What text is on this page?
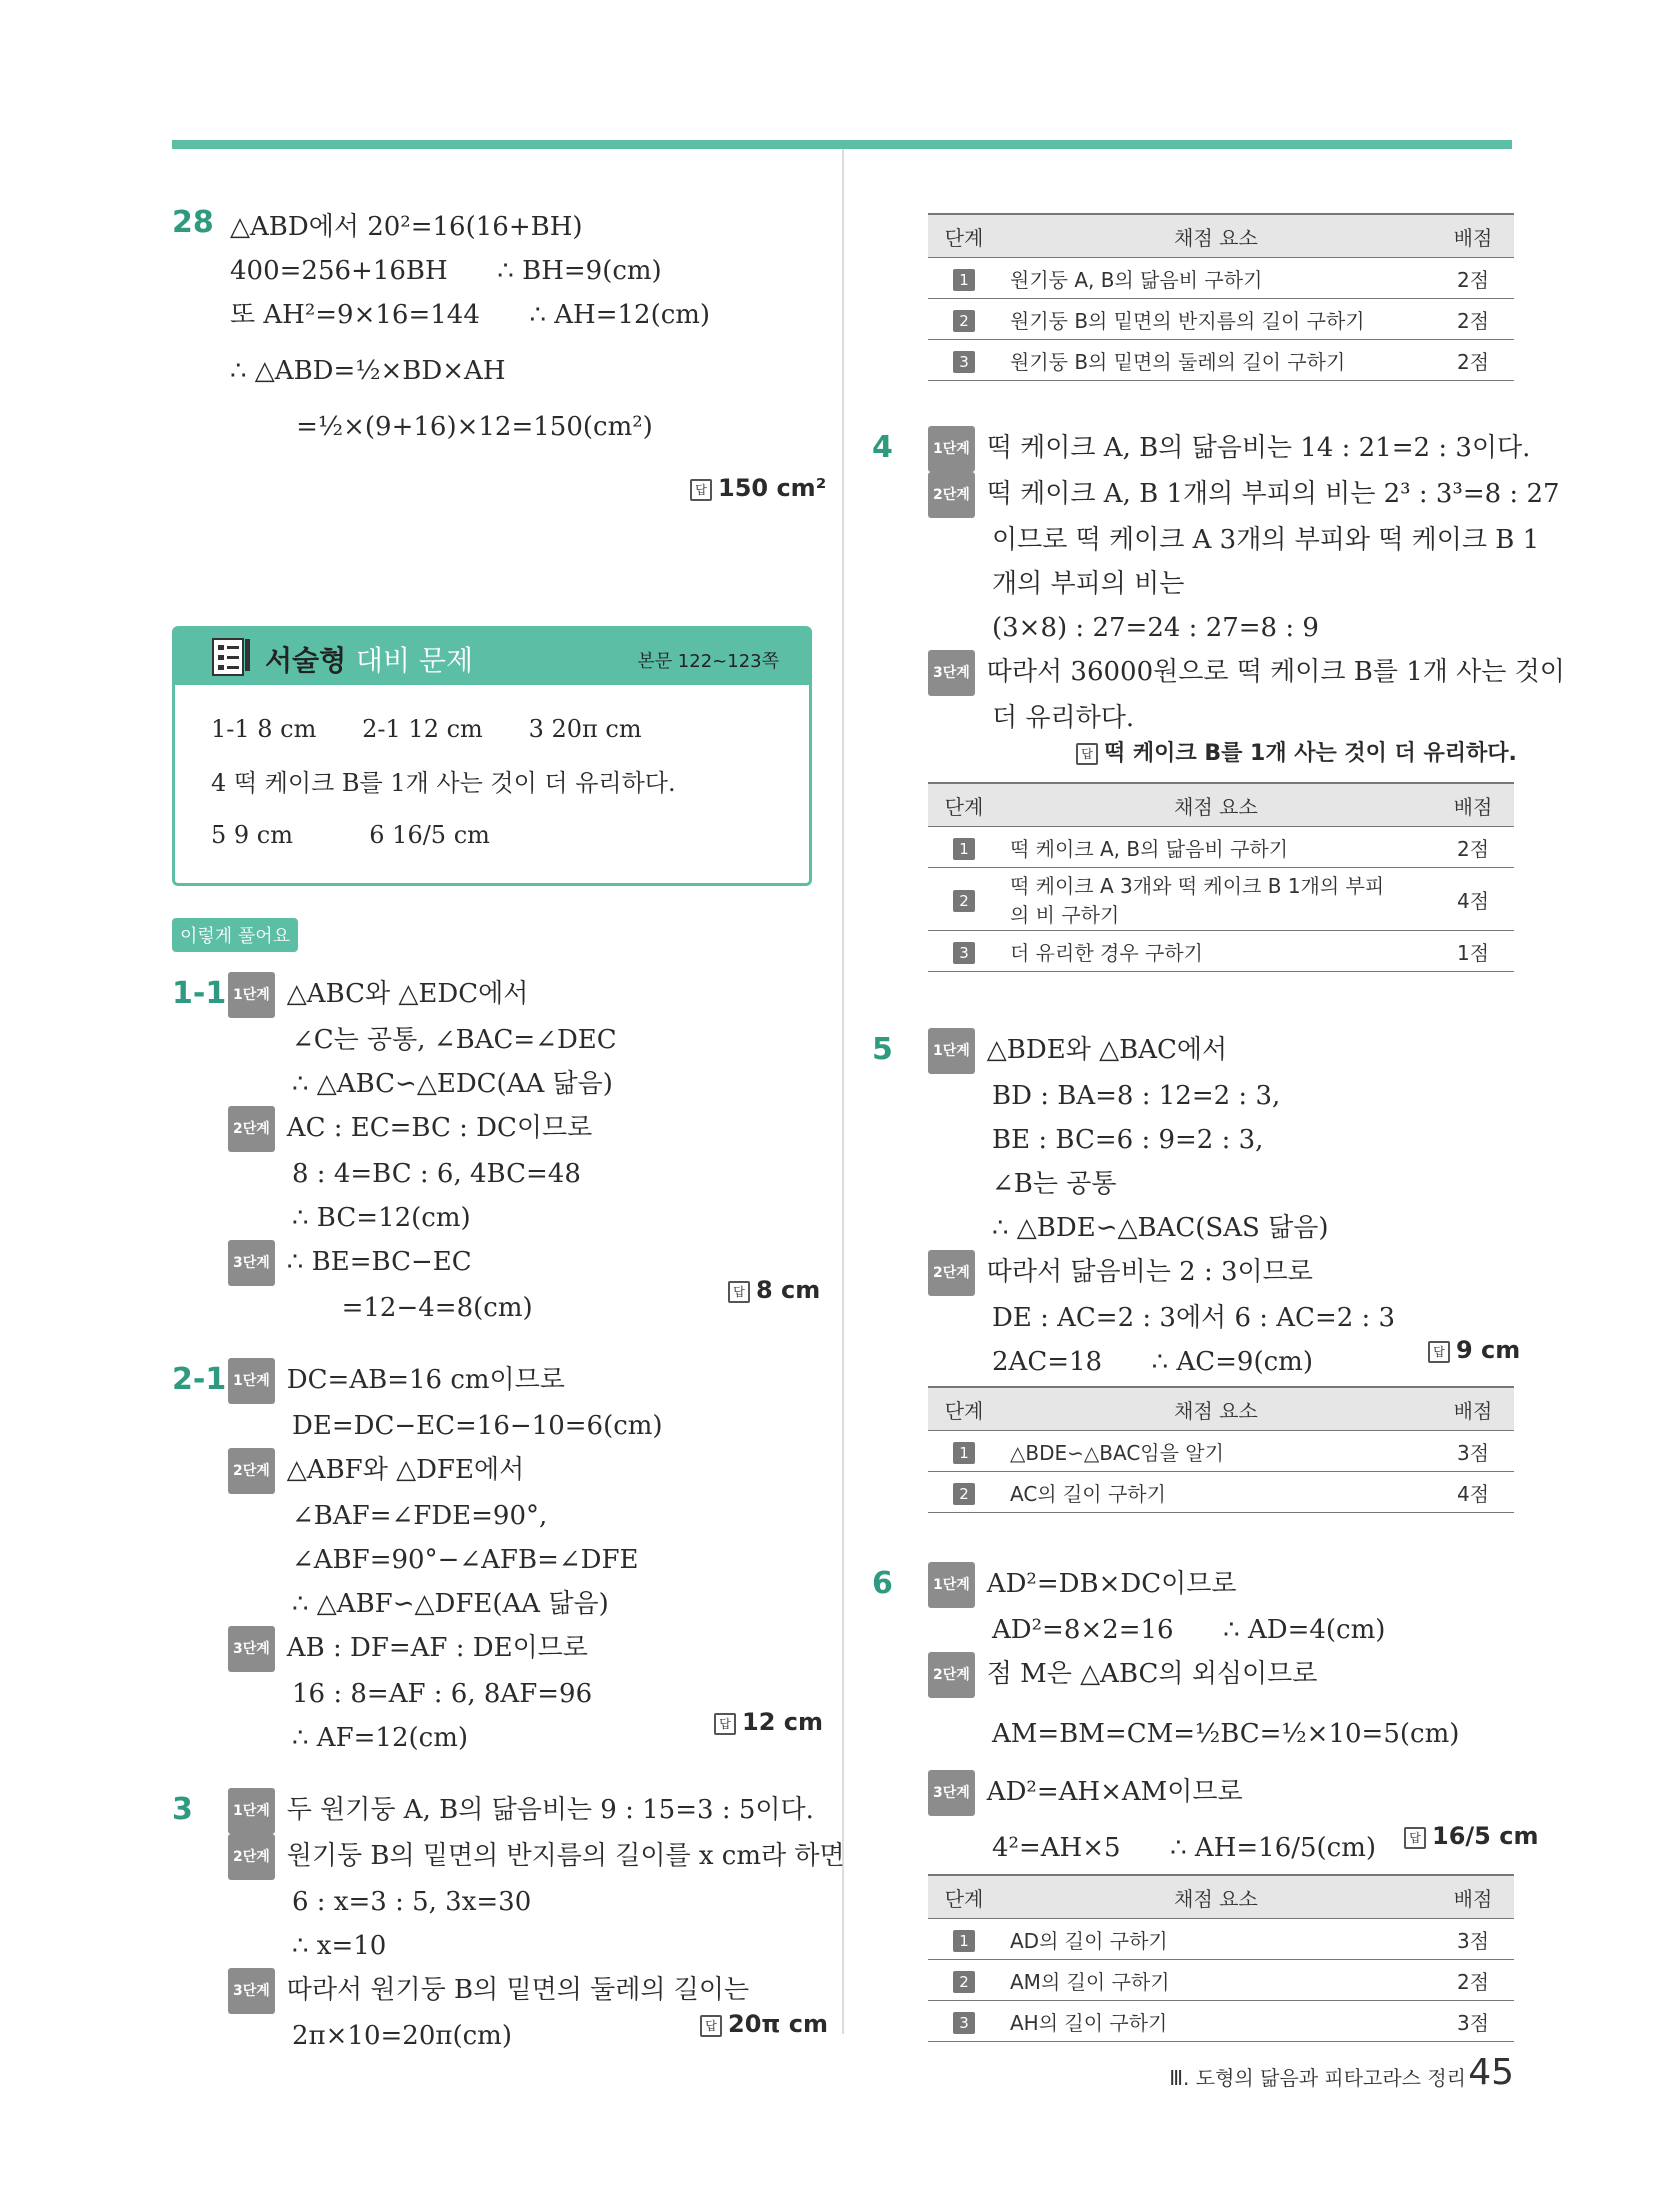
28 △ABD에서 20²=16(16+BH)
400=256+16BH      ∴ BH=9(cm)
또 AH²=9×16=144      ∴ AH=12(cm)
∴ △ABD=½×BD×AH
=½×(9+16)×12=150(cm²)
답 150 cm²
서술형 대비 문제	본문 122~123쪽
1-1 8 cm      2-1 12 cm      3 20π cm
4 떡 케이크 B를 1개 사는 것이 더 유리하다.
5 9 cm          6 16/5 cm
이렇게 풀어요
1-1 1단계 △ABC와 △EDC에서
∠C는 공통, ∠BAC=∠DEC
∴ △ABC∽△EDC(AA 닮음)
2단계 AC : EC=BC : DC이므로
8 : 4=BC : 6, 4BC=48
∴ BC=12(cm)
3단계 ∴ BE=BC−EC
=12−4=8(cm)
답 8 cm
2-1 1단계 DC=AB=16 cm이므로
DE=DC−EC=16−10=6(cm)
2단계 △ABF와 △DFE에서
∠BAF=∠FDE=90°,
∠ABF=90°−∠AFB=∠DFE
∴ △ABF∽△DFE(AA 닮음)
3단계 AB : DF=AF : DE이므로
16 : 8=AF : 6, 8AF=96
∴ AF=12(cm)	답 12 cm
3	1단계 두 원기둥 A, B의 닮음비는 9 : 15=3 : 5이다.
2단계 원기둥 B의 밑면의 반지름의 길이를 x cm라 하면
6 : x=3 : 5, 3x=30
∴ x=10
3단계 따라서 원기둥 B의 밑면의 둘레의 길이는
2π×10=20π(cm)	답 20π cm
단계	채점 요소	배점
1	원기둥 A, B의 닮음비 구하기	2점
2	원기둥 B의 밑면의 반지름의 길이 구하기	2점
3	원기둥 B의 밑면의 둘레의 길이 구하기	2점
4	1단계 떡 케이크 A, B의 닮음비는 14 : 21=2 : 3이다.
2단계 떡 케이크 A, B 1개의 부피의 비는 2³ : 3³=8 : 27
이므로 떡 케이크 A 3개의 부피와 떡 케이크 B 1
개의 부피의 비는
(3×8) : 27=24 : 27=8 : 9
3단계 따라서 36000원으로 떡 케이크 B를 1개 사는 것이
더 유리하다.
답 떡 케이크 B를 1개 사는 것이 더 유리하다.
단계	채점 요소	배점
1	떡 케이크 A, B의 닮음비 구하기	2점
2	떡 케이크 A 3개와 떡 케이크 B 1개의 부피의 비 구하기	4점
3	더 유리한 경우 구하기	1점
5	1단계 △BDE와 △BAC에서
BD : BA=8 : 12=2 : 3,
BE : BC=6 : 9=2 : 3,
∠B는 공통
∴ △BDE∽△BAC(SAS 닮음)
2단계 따라서 닮음비는 2 : 3이므로
DE : AC=2 : 3에서 6 : AC=2 : 3
2AC=18      ∴ AC=9(cm)	답 9 cm
단계	채점 요소	배점
1	△BDE∽△BAC임을 알기	3점
2	AC의 길이 구하기	4점
6	1단계 AD²=DB×DC이므로
AD²=8×2=16      ∴ AD=4(cm)
2단계 점 M은 △ABC의 외심이므로
AM=BM=CM=½BC=½×10=5(cm)
3단계 AD²=AH×AM이므로
4²=AH×5      ∴ AH=16/5(cm)	답 16/5 cm
단계	채점 요소	배점
1	AD의 길이 구하기	3점
2	AM의 길이 구하기	2점
3	AH의 길이 구하기	3점
Ⅲ. 도형의 닮음과 피타고라스 정리 45
